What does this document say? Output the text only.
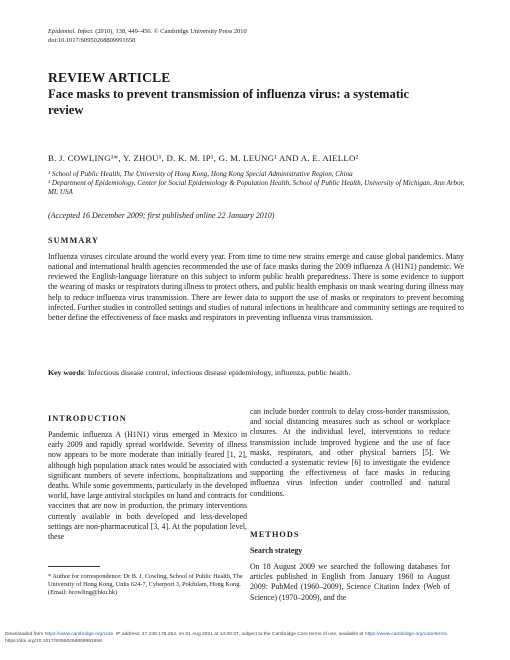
Epidemiol. Infect. (2010), 138, 449–456. © Cambridge University Press 2010
doi:10.1017/S0950268809991658
REVIEW ARTICLE
Face masks to prevent transmission of influenza virus: a systematic review
B. J. COWLING¹*, Y. ZHOU¹, D. K. M. IP¹, G. M. LEUNG¹ AND A. E. AIELLO²

¹ School of Public Health, The University of Hong Kong, Hong Kong Special Administrative Region, China

² Department of Epidemiology, Center for Social Epidemiology & Population Health, School of Public Health, University of Michigan, Ann Arbor, MI, USA

(Accepted 16 December 2009; first published online 22 January 2010)
SUMMARY
Influenza viruses circulate around the world every year. From time to time new strains emerge and cause global pandemics. Many national and international health agencies recommended the use of face masks during the 2009 influenza A (H1N1) pandemic. We reviewed the English-language literature on this subject to inform public health preparedness. There is some evidence to support the wearing of masks or respirators during illness to protect others, and public health emphasis on mask wearing during illness may help to reduce influenza virus transmission. There are fewer data to support the use of masks or respirators to prevent becoming infected. Further studies in controlled settings and studies of natural infections in healthcare and community settings are required to better define the effectiveness of face masks and respirators in preventing influenza virus transmission.
Key words: Infectious disease control, infectious disease epidemiology, influenza, public health.
INTRODUCTION
Pandemic influenza A (H1N1) virus emerged in Mexico in early 2009 and rapidly spread worldwide. Severity of illness now appears to be more moderate than initially feared [1, 2], although high population attack rates would be associated with significant numbers of severe infections, hospitalizations and deaths. While some governments, particularly in the developed world, have large antiviral stockpiles on hand and contracts for vaccines that are now in production, the primary interventions currently available in both developed and less-developed settings are non-pharmaceutical [3, 4]. At the population level, these
can include border controls to delay cross-border transmission, and social distancing measures such as school or workplace closures. At the individual level, interventions to reduce transmission include improved hygiene and the use of face masks, respirators, and other physical barriers [5]. We conducted a systematic review [6] to investigate the evidence supporting the effectiveness of face masks in reducing influenza virus infection under controlled and natural conditions.
METHODS
Search strategy
On 18 August 2009 we searched the following databases for articles published in English from January 1960 to August 2009: PubMed (1960–2009), Science Citation Index (Web of Science) (1970–2009), and the
* Author for correspondence: Dr B. J. Cowling, School of Public Health, The University of Hong Kong, Units 624-7, Cyberport 3, Pokfulam, Hong Kong. (Email: bcowling@hku.hk)
Downloaded from https://www.cambridge.org/core. IP address: 47.248.179.254, on 01 Aug 2021 at 14:20:37, subject to the Cambridge Core terms of use, available at https://www.cambridge.org/core/terms. https://doi.org/10.1017/S0950268809991658
